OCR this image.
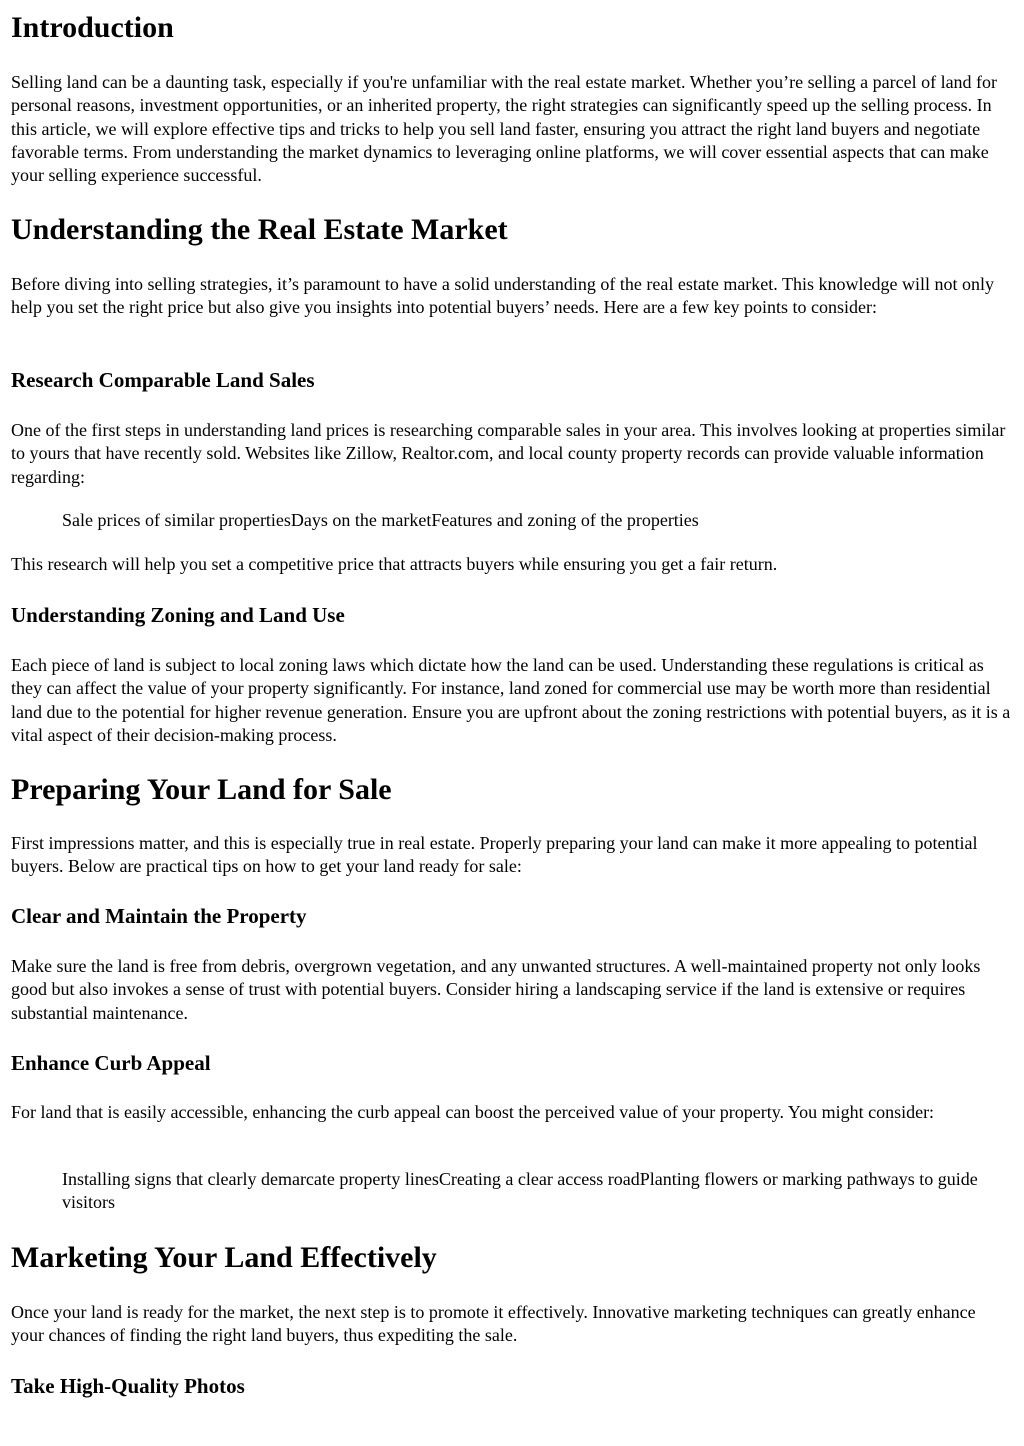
Introduction

Selling land can be a daunting task, especially if you're unfamiliar with the real estate market. Whether you’re selling a parcel of land for personal reasons, investment opportunities, or an inherited property, the right strategies can significantly speed up the selling process. In this article, we will explore effective tips and tricks to help you sell land faster, ensuring you attract the right land buyers and negotiate favorable terms. From understanding the market dynamics to leveraging online platforms, we will cover essential aspects that can make your selling experience successful.

Understanding the Real Estate Market

Before diving into selling strategies, it’s paramount to have a solid understanding of the real estate market. This knowledge will not only help you set the right price but also give you insights into potential buyers’ needs. Here are a few key points to consider:

Research Comparable Land Sales

One of the first steps in understanding land prices is researching comparable sales in your area. This involves looking at properties similar to yours that have recently sold. Websites like Zillow, Realtor.com, and local county property records can provide valuable information regarding:

Sale prices of similar propertiesDays on the marketFeatures and zoning of the properties

This research will help you set a competitive price that attracts buyers while ensuring you get a fair return.

Understanding Zoning and Land Use

Each piece of land is subject to local zoning laws which dictate how the land can be used. Understanding these regulations is critical as they can affect the value of your property significantly. For instance, land zoned for commercial use may be worth more than residential land due to the potential for higher revenue generation. Ensure you are upfront about the zoning restrictions with potential buyers, as it is a vital aspect of their decision-making process.

Preparing Your Land for Sale

First impressions matter, and this is especially true in real estate. Properly preparing your land can make it more appealing to potential buyers. Below are practical tips on how to get your land ready for sale:

Clear and Maintain the Property

Make sure the land is free from debris, overgrown vegetation, and any unwanted structures. A well-maintained property not only looks good but also invokes a sense of trust with potential buyers. Consider hiring a landscaping service if the land is extensive or requires substantial maintenance.

Enhance Curb Appeal

For land that is easily accessible, enhancing the curb appeal can boost the perceived value of your property. You might consider:

Installing signs that clearly demarcate property linesCreating a clear access roadPlanting flowers or marking pathways to guide visitors

Marketing Your Land Effectively

Once your land is ready for the market, the next step is to promote it effectively. Innovative marketing techniques can greatly enhance your chances of finding the right land buyers, thus expediting the sale.

Take High-Quality Photos
